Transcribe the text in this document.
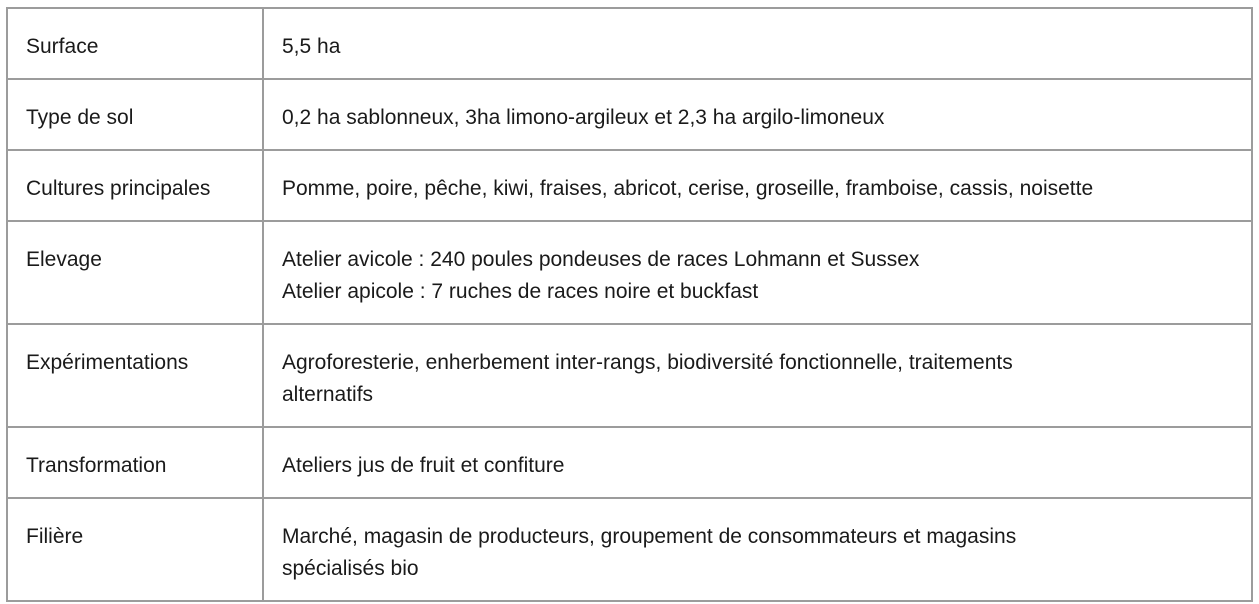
Surface	5,5 ha

Type de sol	0,2 ha sablonneux, 3ha limono-argileux et 2,3 ha argilo-limoneux

Cultures principales	Pomme, poire, pêche, kiwi, fraises, abricot, cerise, groseille, framboise, cassis, noisette

Elevage	Atelier avicole : 240 poules pondeuses de races Lohmann et Sussex
Atelier apicole : 7 ruches de races noire et buckfast

Expérimentations	Agroforesterie, enherbement inter-rangs, biodiversité fonctionnelle, traitements
alternatifs

Transformation	Ateliers jus de fruit et confiture

Filière	Marché, magasin de producteurs, groupement de consommateurs et magasins
spécialisés bio
